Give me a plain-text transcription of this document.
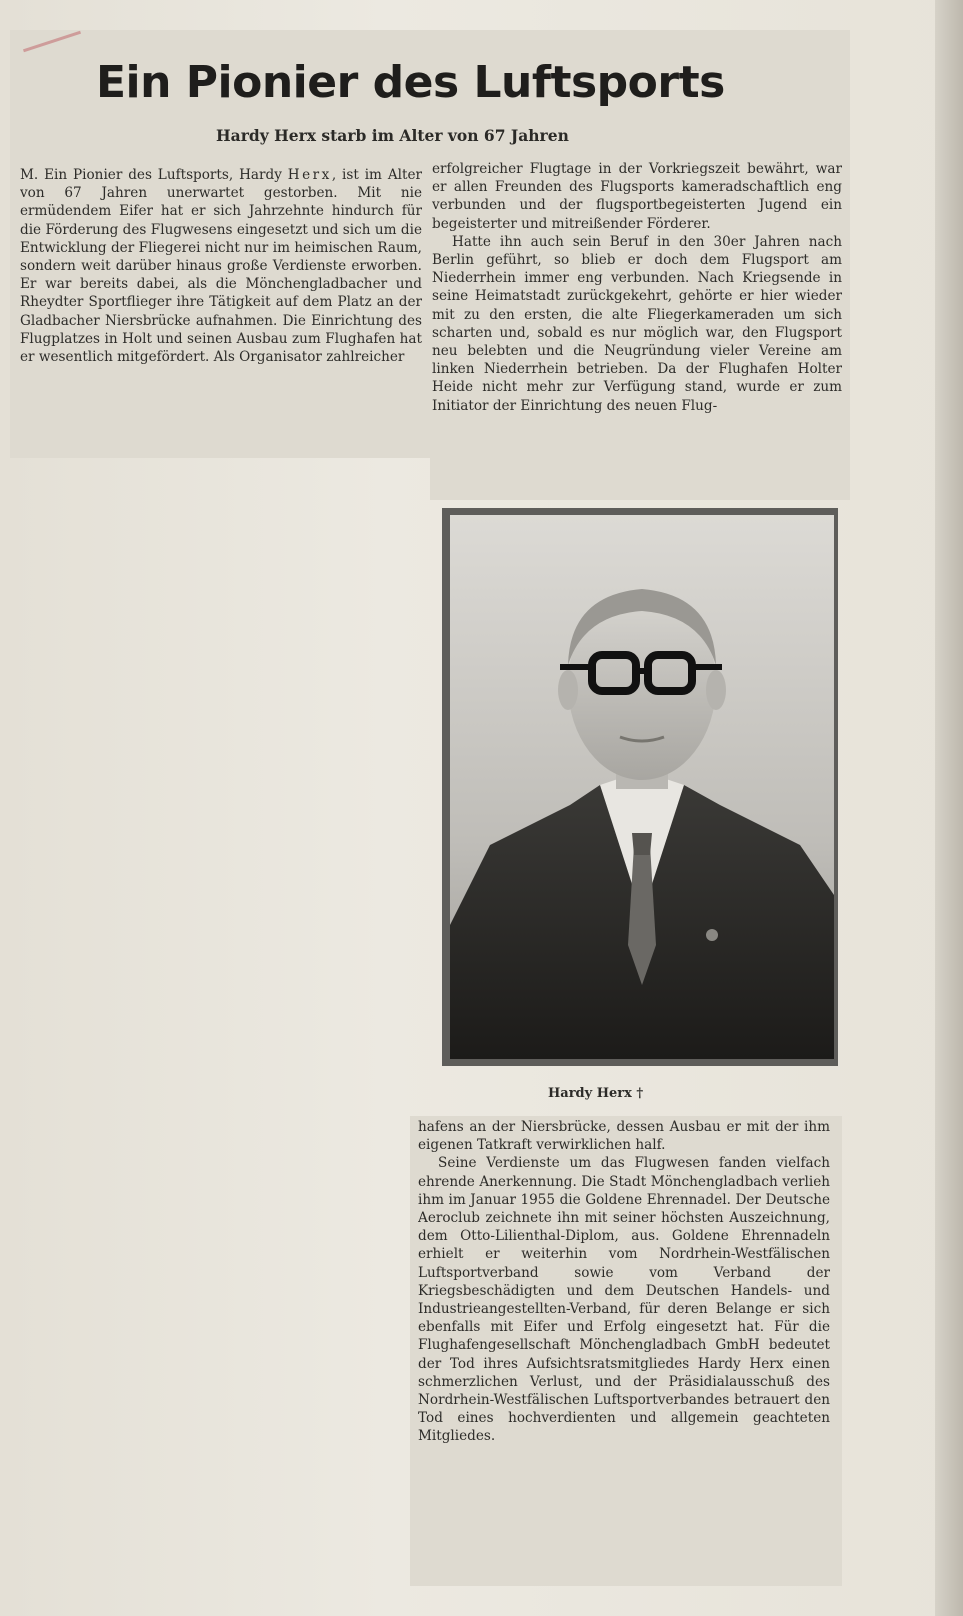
Ein Pionier des Luftsports
Hardy Herx starb im Alter von 67 Jahren

M. Ein Pionier des Luftsports, Hardy Herx, ist im Alter von 67 Jahren unerwartet gestorben. Mit nie ermüdendem Eifer hat er sich Jahrzehnte hindurch für die Förderung des Flugwesens eingesetzt und sich um die Entwicklung der Fliegerei nicht nur im heimischen Raum, sondern weit darüber hinaus große Verdienste erworben. Er war bereits dabei, als die Mönchengladbacher und Rheydter Sportflieger ihre Tätigkeit auf dem Platz an der Gladbacher Niersbrücke aufnahmen. Die Einrichtung des Flugplatzes in Holt und seinen Ausbau zum Flughafen hat er wesentlich mitgefördert. Als Organisator zahlreicher

erfolgreicher Flugtage in der Vorkriegszeit bewährt, war er allen Freunden des Flugsports kameradschaftlich eng verbunden und der flugsportbegeisterten Jugend ein begeisterter und mitreißender Förderer.

Hatte ihn auch sein Beruf in den 30er Jahren nach Berlin geführt, so blieb er doch dem Flugsport am Niederrhein immer eng verbunden. Nach Kriegsende in seine Heimatstadt zurückgekehrt, gehörte er hier wieder mit zu den ersten, die alte Fliegerkameraden um sich scharten und, sobald es nur möglich war, den Flugsport neu belebten und die Neugründung vieler Vereine am linken Niederrhein betrieben. Da der Flughafen Holter Heide nicht mehr zur Verfügung stand, wurde er zum Initiator der Einrichtung des neuen Flug-

Hardy Herx †

hafens an der Niersbrücke, dessen Ausbau er mit der ihm eigenen Tatkraft verwirklichen half.

Seine Verdienste um das Flugwesen fanden vielfach ehrende Anerkennung. Die Stadt Mönchengladbach verlieh ihm im Januar 1955 die Goldene Ehrennadel. Der Deutsche Aeroclub zeichnete ihn mit seiner höchsten Auszeichnung, dem Otto-Lilienthal-Diplom, aus. Goldene Ehrennadeln erhielt er weiterhin vom Nordrhein-Westfälischen Luftsportverband sowie vom Verband der Kriegsbeschädigten und dem Deutschen Handels- und Industrieangestellten-Verband, für deren Belange er sich ebenfalls mit Eifer und Erfolg eingesetzt hat. Für die Flughafengesellschaft Mönchengladbach GmbH bedeutet der Tod ihres Aufsichtsratsmitgliedes Hardy Herx einen schmerzlichen Verlust, und der Präsidialausschuß des Nordrhein-Westfälischen Luftsportverbandes betrauert den Tod eines hochverdienten und allgemein geachteten Mitgliedes.
